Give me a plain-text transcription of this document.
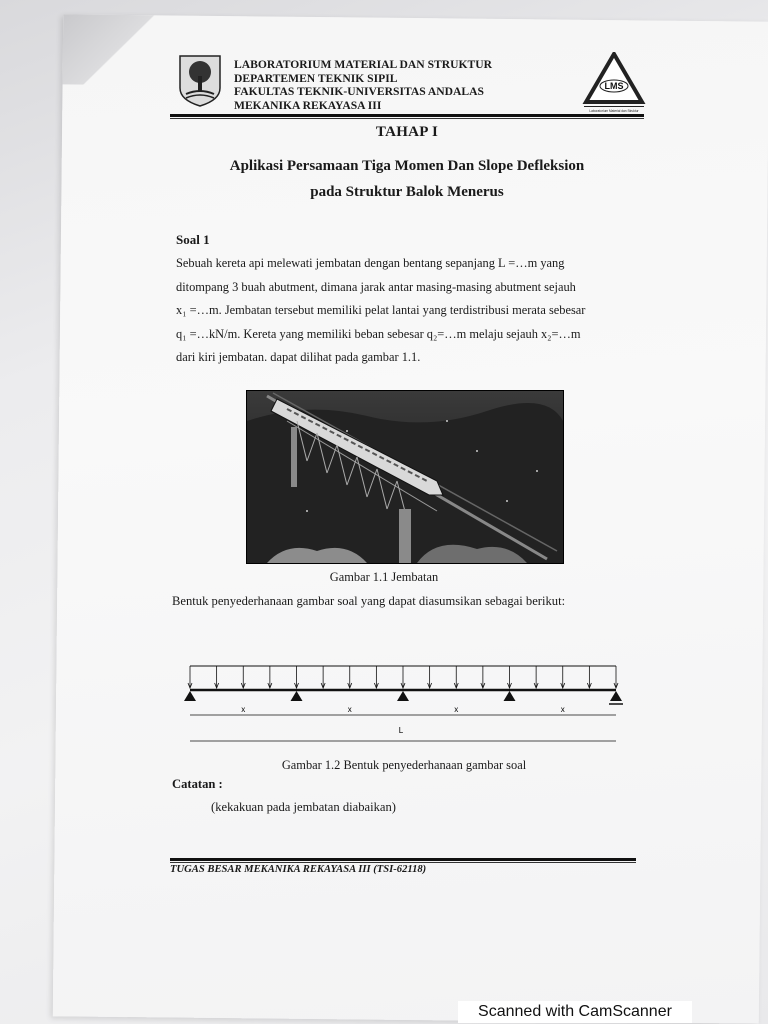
LABORATORIUM MATERIAL DAN STRUKTUR
DEPARTEMEN TEKNIK SIPIL
FAKULTAS TEKNIK-UNIVERSITAS ANDALAS
MEKANIKA REKAYASA III
LMS
Laboratorium Material dan Struktur
TAHAP I
Aplikasi Persamaan Tiga Momen Dan Slope Defleksion
pada Struktur Balok Menerus
Soal 1
Sebuah kereta api melewati jembatan dengan bentang sepanjang L =…m yang
ditompang 3 buah abutment, dimana jarak antar masing-masing abutment sejauh
x₁ =…m. Jembatan tersebut memiliki pelat lantai yang terdistribusi merata sebesar
q₁ =…kN/m. Kereta yang memiliki beban sebesar q₂=…m melaju sejauh x₂=…m
dari kiri jembatan. dapat dilihat pada gambar 1.1.
Gambar 1.1 Jembatan
Bentuk penyederhanaan gambar soal yang dapat diasumsikan sebagai berikut:
x	x	x	x
L
Gambar 1.2 Bentuk penyederhanaan gambar soal
Catatan :
(kekakuan pada jembatan diabaikan)
TUGAS BESAR MEKANIKA REKAYASA III (TSI-62118)
Scanned with CamScanner
